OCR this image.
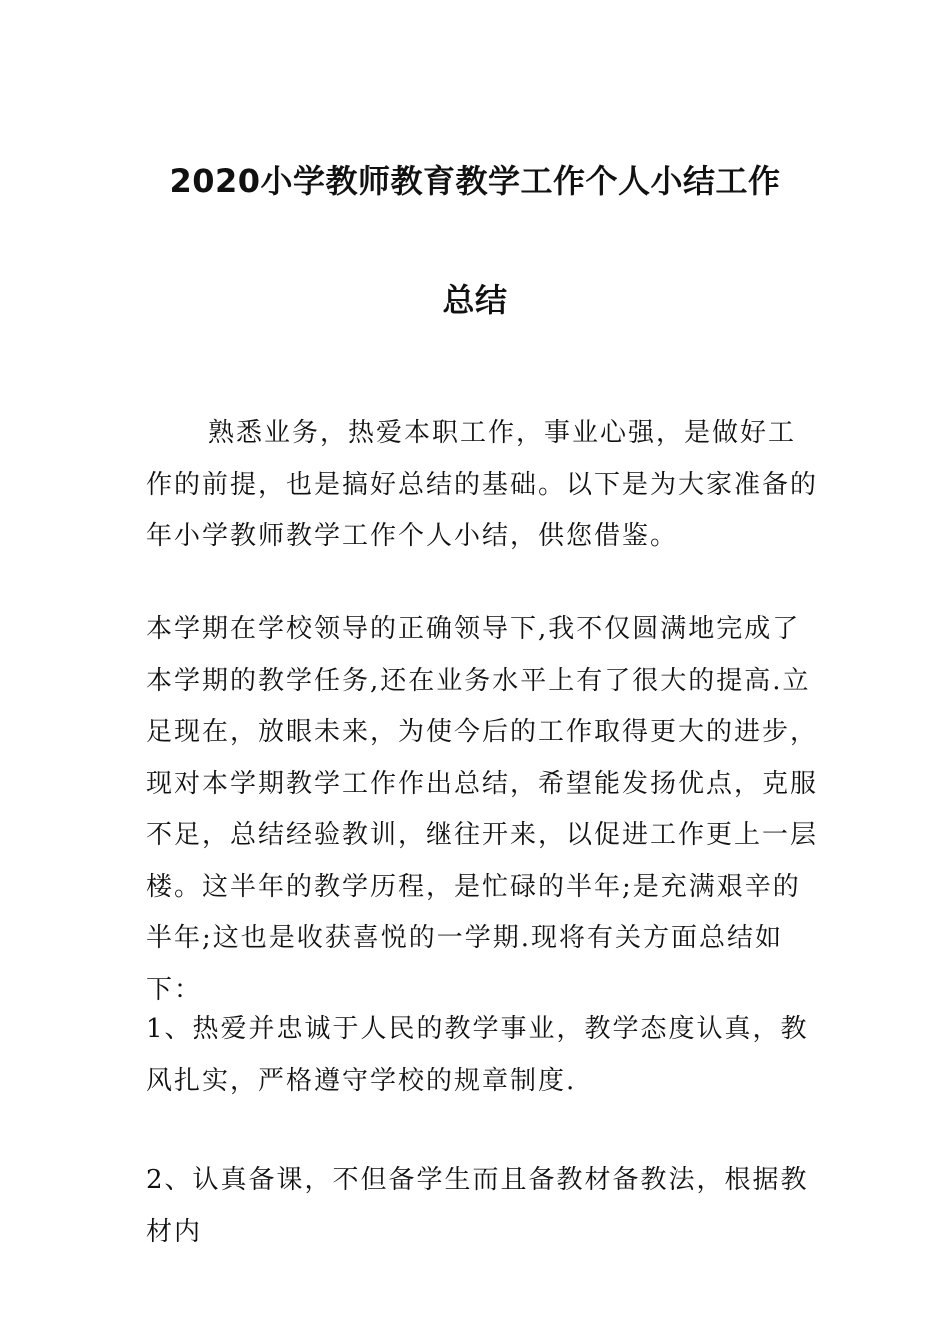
2020小学教师教育教学工作个人小结工作
总结

熟悉业务，热爱本职工作，事业心强，是做好工作的前提，也是搞好总结的基础。以下是为大家准备的年小学教师教学工作个人小结，供您借鉴。

本学期在学校领导的正确领导下,我不仅圆满地完成了本学期的教学任务,还在业务水平上有了很大的提高.立足现在，放眼未来，为使今后的工作取得更大的进步，现对本学期教学工作作出总结，希望能发扬优点，克服不足，总结经验教训，继往开来，以促进工作更上一层楼。这半年的教学历程，是忙碌的半年;是充满艰辛的半年;这也是收获喜悦的一学期.现将有关方面总结如下：

1、热爱并忠诚于人民的教学事业，教学态度认真，教风扎实，严格遵守学校的规章制度.

2、认真备课，不但备学生而且备教材备教法，根据教材内
